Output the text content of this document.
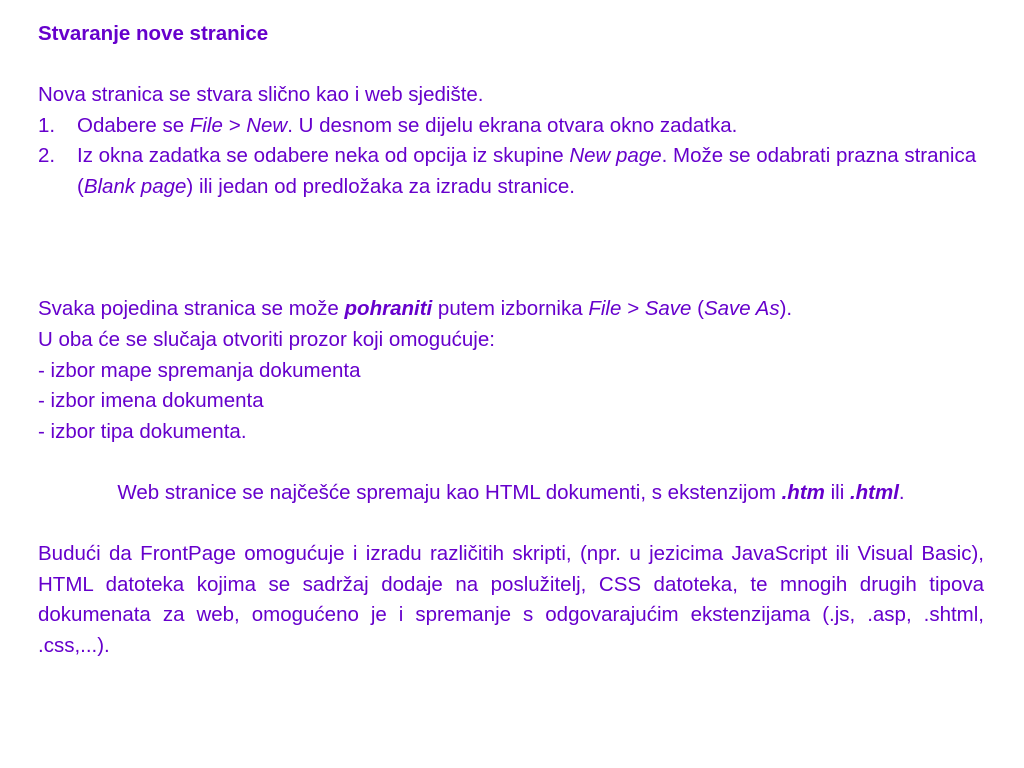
Stvaranje nove stranice
Nova stranica se stvara slično kao i web sjedište.
1. Odabere se File > New. U desnom se dijelu ekrana otvara okno zadatka.
2. Iz okna zadatka se odabere neka od opcija iz skupine New page. Može se odabrati prazna stranica (Blank page) ili jedan od predložaka za izradu stranice.
Svaka pojedina stranica se može pohraniti putem izbornika File > Save (Save As).
U oba će se slučaja otvoriti prozor koji omogućuje:
- izbor mape spremanja dokumenta
- izbor imena dokumenta
- izbor tipa dokumenta.
Web stranice se najčešće spremaju kao HTML dokumenti, s ekstenzijom .htm ili .html.
Budući da FrontPage omogućuje i izradu različitih skripti, (npr. u jezicima JavaScript ili Visual Basic), HTML datoteka kojima se sadržaj dodaje na poslužitelj, CSS datoteka, te mnogih drugih tipova dokumenata za web, omogućeno je i spremanje s odgovarajućim ekstenzijama (.js, .asp, .shtml, .css,...).
